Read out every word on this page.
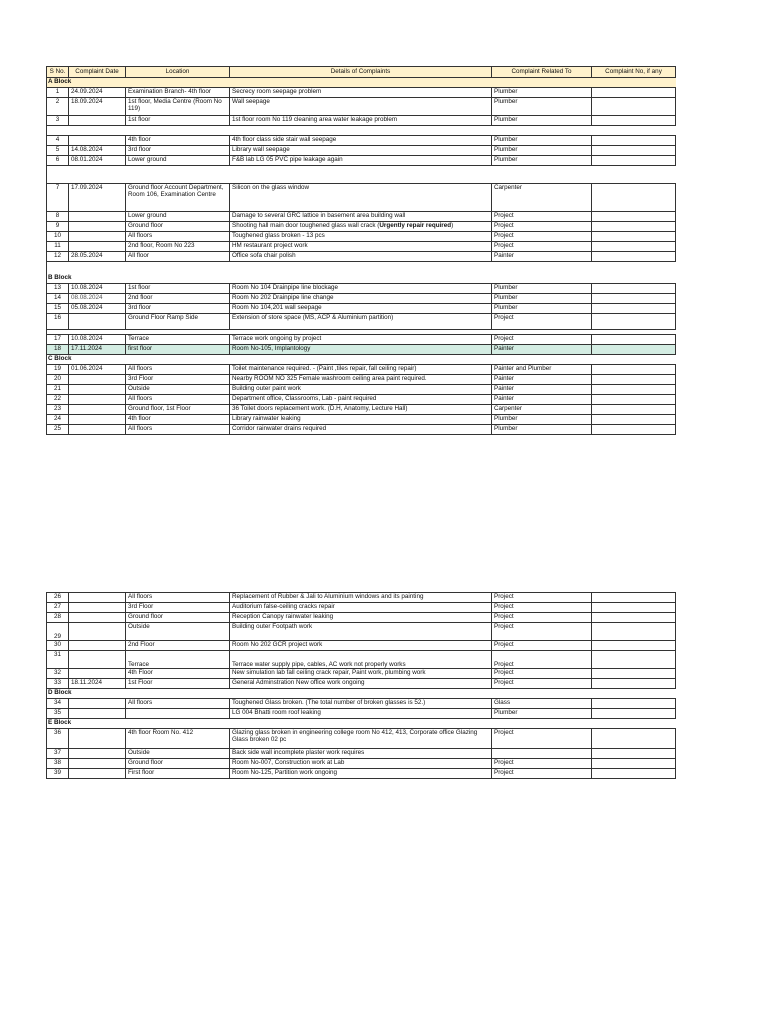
S No.	Complaint Date	Location	Details of Complaints	Complaint Related To	Complaint No, if any
A Block					
1	24.09.2024	Examination Branch- 4th floor	Secrecy room seepage problem	Plumber	
2	18.09.2024	1st floor, Media Centre (Room No 119)	Wall seepage	Plumber	
3		1st floor	1st floor room No 119 cleaning area water leakage problem	Plumber	

4		4th floor	4th floor class side stair wall seepage	Plumber	
5	14.08.2024	3rd floor	Library wall seepage	Plumber	
6	08.01.2024	Lower ground	F&B lab LG 05 PVC pipe leakage again	Plumber	

7	17.09.2024	Ground floor Account Department, Room 106, Examination Centre	Silicon on the glass window	Carpenter	
8		Lower ground	Damage to several GRC lattice in basement area building wall	Project	
9		Ground floor	Shooting hall main door toughened glass wall crack (Urgently repair required)	Project	
10		All floors	Toughened glass broken - 13 pcs	Project	
11		2nd floor, Room No 223	HM restaurant project work	Project	
12	28.05.2024	All floor	Office sofa chair polish	Painter	

B Block					
13	10.08.2024	1st floor	Room No 104 Drainpipe line blockage	Plumber	
14	08.08.2024	2nd floor	Room No 202 Drainpipe line change	Plumber	
15	05.08.2024	3rd floor	Room No 104,201 wall seepage	Plumber	
16		Ground Floor Ramp Side	Extension of store space (MS, ACP & Aluminium partition)	Project	

17	10.08.2024	Terrace	Terrace work ongoing by project	Project	
18	17.11.2024	first floor	Room No-105, Implantology	Painter	
C Block					
19	01.06.2024	All floors	Toilet maintenance required. - (Paint ,tiles repair, fall ceiling repair)	Painter and Plumber	
20		3rd Floor	Nearby ROOM NO 325 Female washroom ceiling area paint required.	Painter	
21		Outside	Building outer paint work	Painter	
22		All floors	Department office, Classrooms, Lab - paint required	Painter	
23		Ground floor, 1st Floor	36 Toilet doors replacement work. (D.H, Anatomy, Lecture Hall)	Carpenter	
24		4th floor	Library rainwater leaking	Plumber	
25		All floors	Corridor rainwater drains required	Plumber	
26		All floors	Replacement of Rubber & Jali to Aluminium windows and its painting	Project	
27		3rd Floor	Auditorium false-ceiling cracks repair	Project	
28		Ground floor	Reception Canopy rainwater leaking	Project	
29		Outside	Building outer Footpath work	Project	
30		2nd Floor	Room No 202 GCR project work	Project	
31		Terrace	Terrace water supply pipe, cables, AC work not properly works	Project	
32		4th Floor	New simulation lab fall ceiling crack repair, Paint work, plumbing work	Project	
33	18.11.2024	1st Floor	General Adminstration New office work ongoing	Project	
D Block					
34		All floors	Toughened Glass broken. (The total number of broken glasses is 52.)	Glass	
35			LG 004 Bhatti room roof leaking	Plumber	
E Block					
36		4th floor Room No. 412	Glazing glass broken in engineering college room No 412, 413, Corporate office Glazing Glass broken 02 pc	Project	
37		Outside	Back side wall incomplete plaster work requires		
38		Ground floor	Room No-007, Construction work at Lab	Project	
39		First floor	Room No-125, Partition work ongoing	Project	
